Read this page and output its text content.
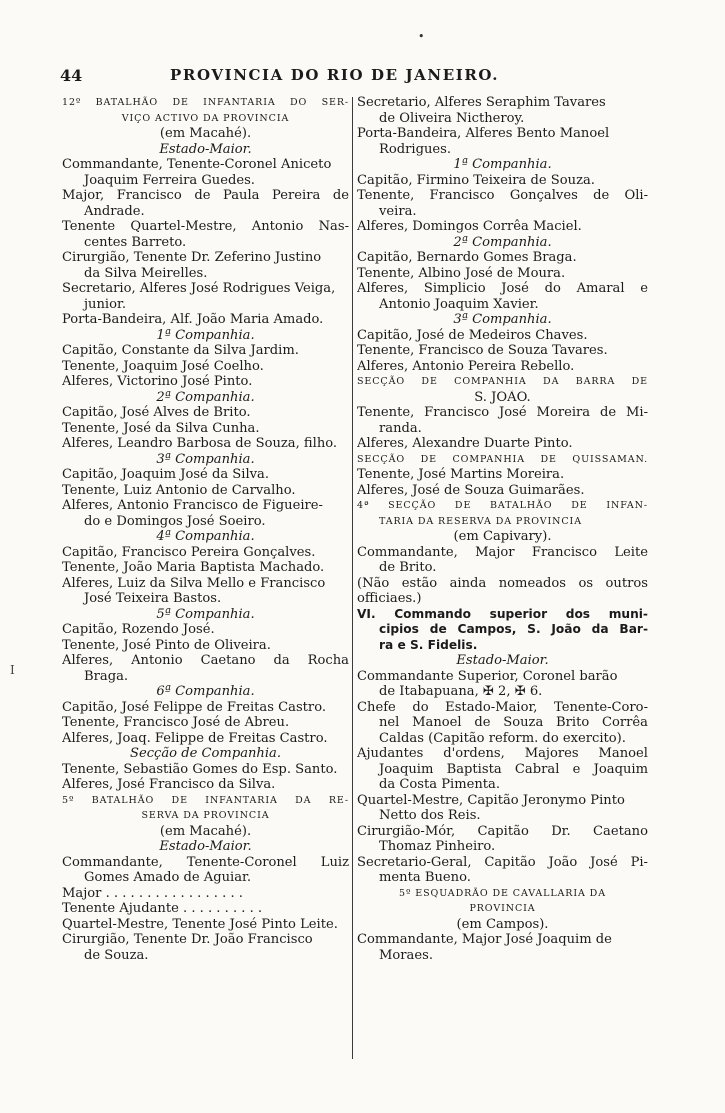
•
44	PROVINCIA DO RIO DE JANEIRO.
12º BATALHÃO DE INFANTARIA DO SER-
VIÇO ACTIVO DA PROVINCIA
(em Macahé).
Estado-Maior.
Commandante, Tenente-Coronel Aniceto
Joaquim Ferreira Guedes.
Major, Francisco de Paula Pereira de
Andrade.
Tenente Quartel-Mestre, Antonio Nas-
centes Barreto.
Cirurgião, Tenente Dr. Zeferino Justino
da Silva Meirelles.
Secretario, Alferes José Rodrigues Veiga,
junior.
Porta-Bandeira, Alf. João Maria Amado.
1ª Companhia.
Capitão, Constante da Silva Jardim.
Tenente, Joaquim José Coelho.
Alferes, Victorino José Pinto.
2ª Companhia.
Capitão, José Alves de Brito.
Tenente, José da Silva Cunha.
Alferes, Leandro Barbosa de Souza, filho.
3ª Companhia.
Capitão, Joaquim José da Silva.
Tenente, Luiz Antonio de Carvalho.
Alferes, Antonio Francisco de Figueire-
do e Domingos José Soeiro.
4ª Companhia.
Capitão, Francisco Pereira Gonçalves.
Tenente, João Maria Baptista Machado.
Alferes, Luiz da Silva Mello e Francisco
José Teixeira Bastos.
5ª Companhia.
Capitão, Rozendo José.
Tenente, José Pinto de Oliveira.
Alferes, Antonio Caetano da Rocha
Braga.
6ª Companhia.
Capitão, José Felippe de Freitas Castro.
Tenente, Francisco José de Abreu.
Alferes, Joaq. Felippe de Freitas Castro.
Secção de Companhia.
Tenente, Sebastião Gomes do Esp. Santo.
Alferes, José Francisco da Silva.
5º BATALHÃO DE INFANTARIA DA RE-
SERVA DA PROVINCIA
(em Macahé).
Estado-Maior.
Commandante, Tenente-Coronel Luiz
Gomes Amado de Aguiar.
Major . . . . . . . . . . . . . . . . .
Tenente Ajudante . . . . . . . . . .
Quartel-Mestre, Tenente José Pinto Leite.
Cirurgião, Tenente Dr. João Francisco
de Souza.
Secretario, Alferes Seraphim Tavares
de Oliveira Nictheroy.
Porta-Bandeira, Alferes Bento Manoel
Rodrigues.
1ª Companhia.
Capitão, Firmino Teixeira de Souza.
Tenente, Francisco Gonçalves de Oli-
veira.
Alferes, Domingos Corrêa Maciel.
2ª Companhia.
Capitão, Bernardo Gomes Braga.
Tenente, Albino José de Moura.
Alferes, Simplicio José do Amaral e
Antonio Joaquim Xavier.
3ª Companhia.
Capitão, José de Medeiros Chaves.
Tenente, Francisco de Souza Tavares.
Alferes, Antonio Pereira Rebello.
SECÇÃO DE COMPANHIA DA BARRA DE
S. JOÃO.
Tenente, Francisco José Moreira de Mi-
randa.
Alferes, Alexandre Duarte Pinto.
SECÇÃO DE COMPANHIA DE QUISSAMAN.
Tenente, José Martins Moreira.
Alferes, José de Souza Guimarães.
4ª SECÇÃO DE BATALHÃO DE INFAN-
TARIA DA RESERVA DA PROVINCIA
(em Capivary).
Commandante, Major Francisco Leite
de Brito.
(Não estão ainda nomeados os outros
officiaes.)
VI. Commando superior dos muni-
cipios de Campos, S. João da Bar-
ra e S. Fidelis.
Estado-Maior.
Commandante Superior, Coronel barão
de Itabapuana, ✠ 2, ✠ 6.
Chefe do Estado-Maior, Tenente-Coro-
nel Manoel de Souza Brito Corrêa
Caldas (Capitão reform. do exercito).
Ajudantes d'ordens, Majores Manoel
Joaquim Baptista Cabral e Joaquim
da Costa Pimenta.
Quartel-Mestre, Capitão Jeronymo Pinto
Netto dos Reis.
Cirurgião-Mór, Capitão Dr. Caetano
Thomaz Pinheiro.
Secretario-Geral, Capitão João José Pi-
menta Bueno.
5º ESQUADRÃO DE CAVALLARIA DA
PROVINCIA
(em Campos).
Commandante, Major José Joaquim de
Moraes.
I
